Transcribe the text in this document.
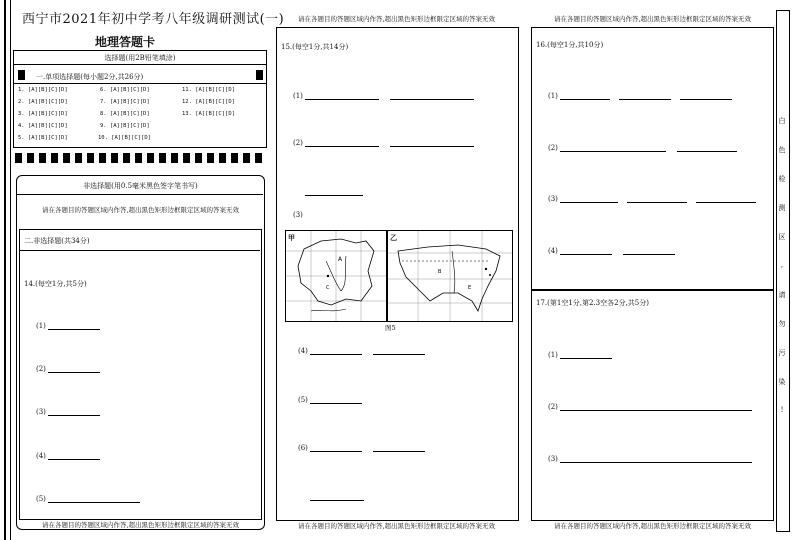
西宁市2021年初中学考八年级调研测试(一)
地理答题卡
选择题(用2B铅笔填涂)
一.单项选择题(每小题2分,共26分)
1. [A][B][C][D]
2. [A][B][C][D]
3. [A][B][C][D]
4. [A][B][C][D]
5. [A][B][C][D]
6. [A][B][C][D]
7. [A][B][C][D]
8. [A][B][C][D]
9. [A][B][C][D]
10. [A][B][C][D]
11. [A][B][C][D]
12. [A][B][C][D]
13. [A][B][C][D]
非选择题(用0.5毫米黑色签字笔书写)
请在各题目的答题区域内作答,超出黑色矩形边框限定区域的答案无效
二.非选择题(共34分)
14.(每空1分,共5分)
(1)
(2)
(3)
(4)
(5)
请在各题目的答题区域内作答,超出黑色矩形边框限定区域的答案无效
请在各题目的答题区域内作答,超出黑色矩形边框限定区域的答案无效
15.(每空1分,共14分)
(1)
(2)
(3)
A
C
甲
B
E
乙
图5
(4)
(5)
(6)
请在各题目的答题区域内作答,超出黑色矩形边框限定区域的答案无效
请在各题目的答题区域内作答,超出黑色矩形边框限定区域的答案无效
16.(每空1分,共10分)
(1)
(2)
(3)
(4)
17.(第1空1分,第2.3空各2分,共5分)
(1)
(2)
(3)
请在各题目的答题区域内作答,超出黑色矩形边框限定区域的答案无效
白
色
检
测
区
,
请
勿
污
染
!
